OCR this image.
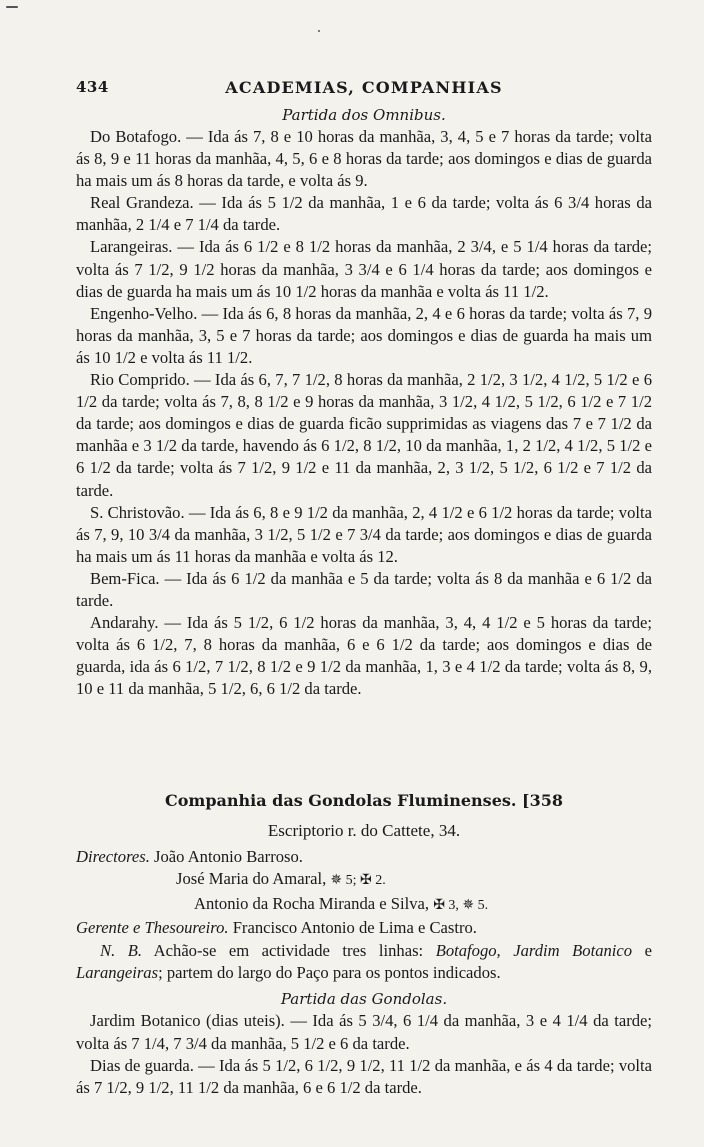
434	ACADEMIAS, COMPANHIAS
Partida dos Omnibus.

Do Botafogo. — Ida ás 7, 8 e 10 horas da manhãa, 3, 4, 5 e 7 horas da tarde; volta ás 8, 9 e 11 horas da manhãa, 4, 5, 6 e 8 horas da tarde; aos domingos e dias de guarda ha mais um ás 8 horas da tarde, e volta ás 9.

Real Grandeza. — Ida ás 5 1/2 da manhãa, 1 e 6 da tarde; volta ás 6 3/4 horas da manhãa, 2 1/4 e 7 1/4 da tarde.

Larangeiras. — Ida ás 6 1/2 e 8 1/2 horas da manhãa, 2 3/4, e 5 1/4 horas da tarde; volta ás 7 1/2, 9 1/2 horas da manhãa, 3 3/4 e 6 1/4 horas da tarde; aos domingos e dias de guarda ha mais um ás 10 1/2 horas da manhãa e volta ás 11 1/2.

Engenho-Velho. — Ida ás 6, 8 horas da manhãa, 2, 4 e 6 horas da tarde; volta ás 7, 9 horas da manhãa, 3, 5 e 7 horas da tarde; aos domingos e dias de guarda ha mais um ás 10 1/2 e volta ás 11 1/2.

Rio Comprido. — Ida ás 6, 7, 7 1/2, 8 horas da manhãa, 2 1/2, 3 1/2, 4 1/2, 5 1/2 e 6 1/2 da tarde; volta ás 7, 8, 8 1/2 e 9 horas da manhãa, 3 1/2, 4 1/2, 5 1/2, 6 1/2 e 7 1/2 da tarde; aos domingos e dias de guarda ficão supprimidas as viagens das 7 e 7 1/2 da manhãa e 3 1/2 da tarde, havendo ás 6 1/2, 8 1/2, 10 da manhãa, 1, 2 1/2, 4 1/2, 5 1/2 e 6 1/2 da tarde; volta ás 7 1/2, 9 1/2 e 11 da manhãa, 2, 3 1/2, 5 1/2, 6 1/2 e 7 1/2 da tarde.

S. Christovão. — Ida ás 6, 8 e 9 1/2 da manhãa, 2, 4 1/2 e 6 1/2 horas da tarde; volta ás 7, 9, 10 3/4 da manhãa, 3 1/2, 5 1/2 e 7 3/4 da tarde; aos domingos e dias de guarda ha mais um ás 11 horas da manhãa e volta ás 12.

Bem-Fica. — Ida ás 6 1/2 da manhãa e 5 da tarde; volta ás 8 da manhãa e 6 1/2 da tarde.

Andarahy. — Ida ás 5 1/2, 6 1/2 horas da manhãa, 3, 4, 4 1/2 e 5 horas da tarde; volta ás 6 1/2, 7, 8 horas da manhãa, 6 e 6 1/2 da tarde; aos domingos e dias de guarda, ida ás 6 1/2, 7 1/2, 8 1/2 e 9 1/2 da manhãa, 1, 3 e 4 1/2 da tarde; volta ás 8, 9, 10 e 11 da manhãa, 5 1/2, 6, 6 1/2 da tarde.

Companhia das Gondolas Fluminenses. [358
Escriptorio r. do Cattete, 34.
Directores. João Antonio Barroso.
José Maria do Amaral, ✵ 5; ✠ 2.
Antonio da Rocha Miranda e Silva, ✠ 3, ✵ 5.
Gerente e Thesoureiro. Francisco Antonio de Lima e Castro.

N. B. Achão-se em actividade tres linhas: Botafogo, Jardim Botanico e Larangeiras; partem do largo do Paço para os pontos indicados.

Partida das Gondolas.

Jardim Botanico (dias uteis). — Ida ás 5 3/4, 6 1/4 da manhãa, 3 e 4 1/4 da tarde; volta ás 7 1/4, 7 3/4 da manhãa, 5 1/2 e 6 da tarde.

Dias de guarda. — Ida ás 5 1/2, 6 1/2, 9 1/2, 11 1/2 da manhãa, e ás 4 da tarde; volta ás 7 1/2, 9 1/2, 11 1/2 da manhãa, 6 e 6 1/2 da tarde.
